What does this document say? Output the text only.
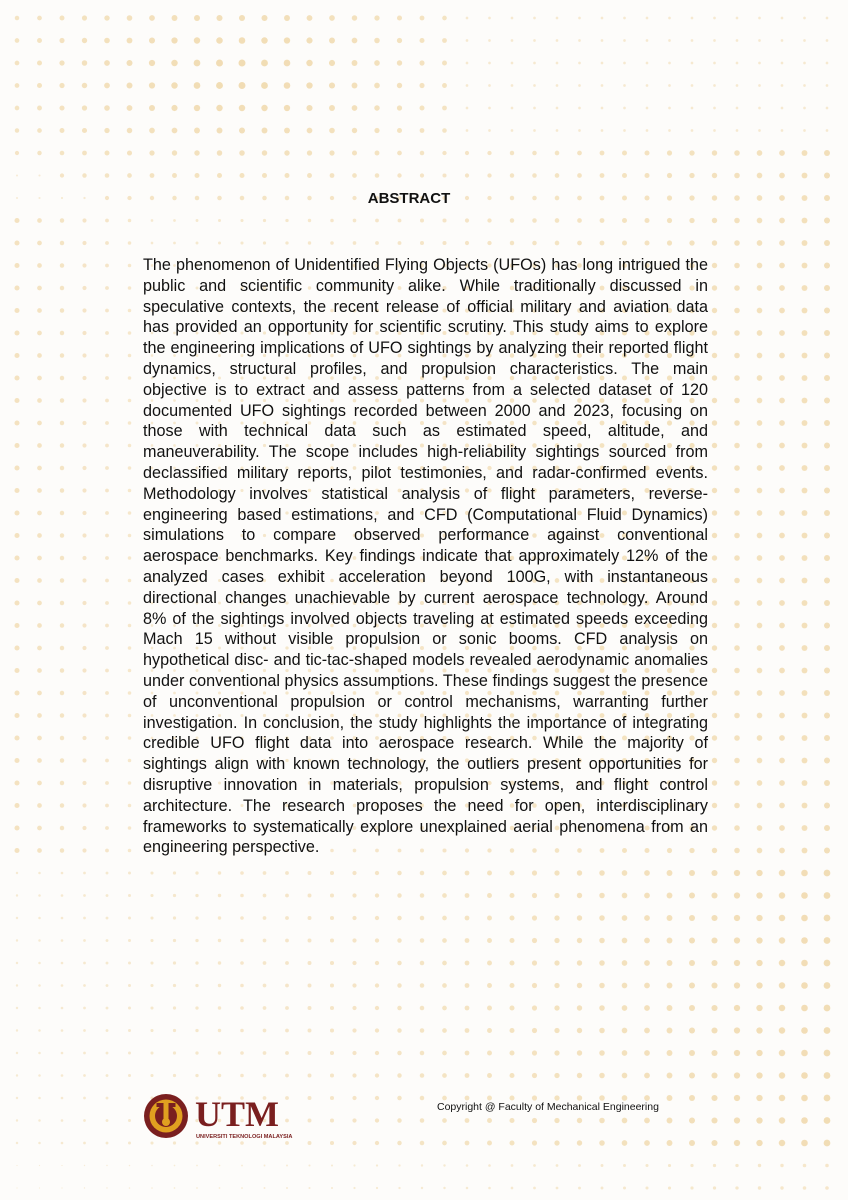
ABSTRACT

The phenomenon of Unidentified Flying Objects (UFOs) has long intrigued the public and scientific community alike. While traditionally discussed in speculative contexts, the recent release of official military and aviation data has provided an opportunity for scientific scrutiny. This study aims to explore the engineering implications of UFO sightings by analyzing their reported flight dynamics, structural profiles, and propulsion characteristics. The main objective is to extract and assess patterns from a selected dataset of 120 documented UFO sightings recorded between 2000 and 2023, focusing on those with technical data such as estimated speed, altitude, and maneuverability. The scope includes high-reliability sightings sourced from declassified military reports, pilot testimonies, and radar-confirmed events. Methodology involves statistical analysis of flight parameters, reverse-engineering based estimations, and CFD (Computational Fluid Dynamics) simulations to compare observed performance against conventional aerospace benchmarks. Key findings indicate that approximately 12% of the analyzed cases exhibit acceleration beyond 100G, with instantaneous directional changes unachievable by current aerospace technology. Around 8% of the sightings involved objects traveling at estimated speeds exceeding Mach 15 without visible propulsion or sonic booms. CFD analysis on hypothetical disc- and tic-tac-shaped models revealed aerodynamic anomalies under conventional physics assumptions. These findings suggest the presence of unconventional propulsion or control mechanisms, warranting further investigation. In conclusion, the study highlights the importance of integrating credible UFO flight data into aerospace research. While the majority of sightings align with known technology, the outliers present opportunities for disruptive innovation in materials, propulsion systems, and flight control architecture. The research proposes the need for open, interdisciplinary frameworks to systematically explore unexplained aerial phenomena from an engineering perspective.

UTM
UNIVERSITI TEKNOLOGI MALAYSIA

Copyright @ Faculty of Mechanical Engineering
